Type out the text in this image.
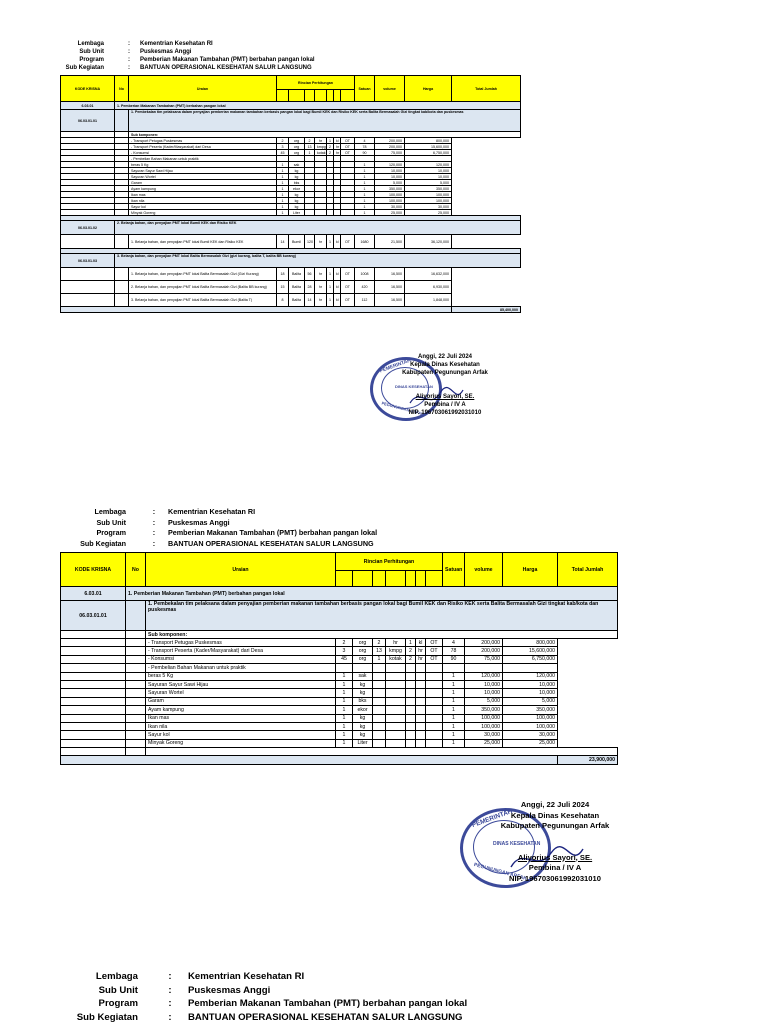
Lembaga	:	Kementrian Kesehatan RI
Sub Unit	:	Puskesmas Anggi
Program	:	Pemberian Makanan Tambahan (PMT) berbahan pangan lokal
Sub Kegiatan	:	BANTUAN OPERASIONAL KESEHATAN SALUR LANGSUNG
KODE KRISNA	No	Uraian	Rincian Perhitungan							Satuan	volume	Harga	Total Jumlah

6.03.01	1. Pemberian Makanan Tambahan (PMT) berbahan pangan lokal												
06.03.01.01		1. Pembekalan tim pelaksana dalam penyajian pemberian makanan tambahan berbasis pangan lokal bagi Bumil KEK dan Risiko KEK serta Balita Bermasalah Gizi tingkat kab/kota dan puskesmas											
		Sub komponen:											
		- Transport Petugas Puskesmas	2	org	2	hr	1	kl	OT	4	200,000	800,000	
		- Transport Peserta (Kader/Masyarakat) dari Desa	3	org	13	kmpg	2	hr	OT	78	200,000	15,600,000	
		- Konsumsi	45	org	1	kotak	2	hr	OT	90	75,000	6,750,000	
		- Pembelian Bahan Makanan untuk praktik											
		beras 5 Kg	1	sak						1	120,000	120,000	
		Sayuran Sayur Sawi Hijau	1	kg						1	10,000	10,000	
		Sayuran Wortel	1	kg						1	10,000	10,000	
		Garam	1	bks						1	5,000	5,000	
		Ayam kampung	1	ekor						1	350,000	350,000	
		Ikan mas	1	kg						1	100,000	100,000	
		Ikan nila	1	kg						1	100,000	100,000	
		Sayur kol	1	kg						1	30,000	30,000	
		Minyak Goreng	1	Liter						1	25,000	25,000	

06.03.01.02	2. Belanja bahan, dan penyajian PMT lokal Bumil KEK dan Risiko KEK												
		1. Belanja bahan, dan penyajian PMT lokal Bumil KEK dan Risiko KEK	14	Bumil	120	hr	1	kl	OT	1680	21,500	36,120,000	

06.03.01.03	3. Belanja bahan, dan penyajian PMT lokal Balita Bermasalah Gizi (gizi kurang, balita T, balita BB kurang)												
		1. Belanja bahan, dan penyajian PMT lokal Balita Bermasalah Gizi (Gizi Kurang)	18	Balita	56	hr	1	kl	OT	1008	16,500	16,632,000	
		2. Belanja bahan, dan penyajian PMT lokal Balita Bermasalah Gizi (Balita BB kurang)	15	Balita	28	hr	1	kl	OT	420	16,500	6,930,000	
		3. Belanja bahan, dan penyajian PMT lokal Balita Bermasalah Gizi (Balita T)	8	Balita	14	hr	1	kl	OT	112	16,500	1,848,000	
													85,400,000
PEMERINTAH
DINAS KESEHATAN
PEGUNUNGAN ARFAK
Anggi, 22 Juli 2024
Kepala Dinas Kesehatan
Kabupaten Pegunungan Arfak
Aliyorius Sayori, SE.
Pembina / IV A
NIP. 196703061992031010
Lembaga	:	Kementrian Kesehatan RI
Sub Unit	:	Puskesmas Anggi
Program	:	Pemberian Makanan Tambahan (PMT) berbahan pangan lokal
Sub Kegiatan	:	BANTUAN OPERASIONAL KESEHATAN SALUR LANGSUNG
KODE KRISNA	No	Uraian	Rincian Perhitungan							Satuan	volume	Harga	Total Jumlah

6.03.01	1. Pemberian Makanan Tambahan (PMT) berbahan pangan lokal												
06.03.01.01		1. Pembekalan tim pelaksana dalam penyajian pemberian makanan tambahan berbasis pangan lokal bagi Bumil KEK dan Risiko KEK serta Balita Bermasalah Gizi tingkat kab/kota dan puskesmas											
		Sub komponen:											
		- Transport Petugas Puskesmas	2	org	2	hr	1	kl	OT	4	200,000	800,000	
		- Transport Peserta (Kader/Masyarakat) dari Desa	3	org	13	kmpg	2	hr	OT	78	200,000	15,600,000	
		- Konsumsi	45	org	1	kotak	2	hr	OT	90	75,000	6,750,000	
		- Pembelian Bahan Makanan untuk praktik											
		beras 5 Kg	1	sak						1	120,000	120,000	
		Sayuran Sayur Sawi Hijau	1	kg						1	10,000	10,000	
		Sayuran Wortel	1	kg						1	10,000	10,000	
		Garam	1	bks						1	5,000	5,000	
		Ayam kampung	1	ekor						1	350,000	350,000	
		Ikan mas	1	kg						1	100,000	100,000	
		Ikan nila	1	kg						1	100,000	100,000	
		Sayur kol	1	kg						1	30,000	30,000	
		Minyak Goreng	1	Liter						1	25,000	25,000	

													23,900,000
PEMERINTAH
DINAS KESEHATAN
PEGUNUNGAN ARFAK
Anggi, 22 Juli 2024
Kepala Dinas Kesehatan
Kabupaten Pegunungan Arfak
Aliyorius Sayori, SE.
Pembina / IV A
NIP. 196703061992031010
Lembaga	:	Kementrian Kesehatan RI
Sub Unit	:	Puskesmas Anggi
Program	:	Pemberian Makanan Tambahan (PMT) berbahan pangan lokal
Sub Kegiatan	:	BANTUAN OPERASIONAL KESEHATAN SALUR LANGSUNG
